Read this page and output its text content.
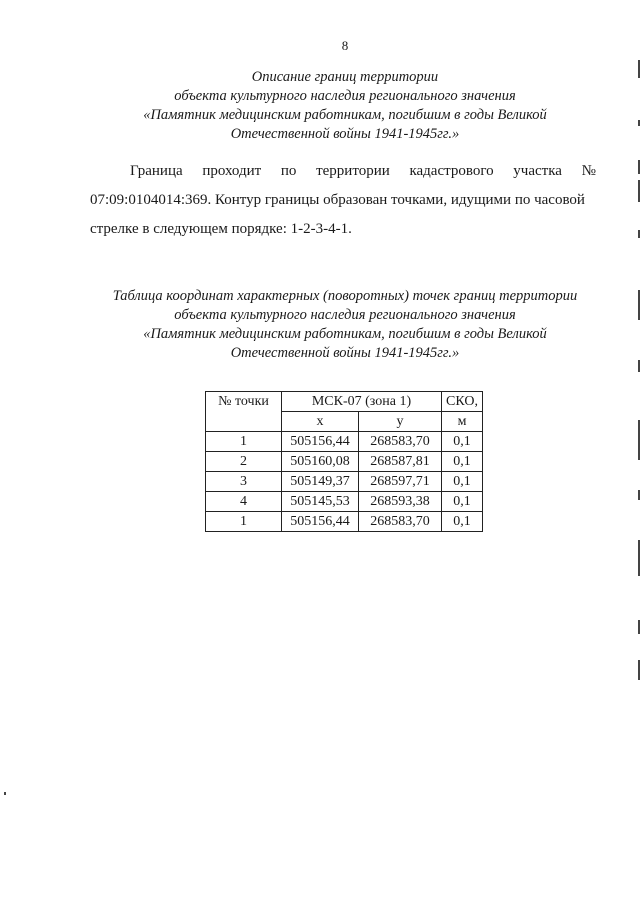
8
Описание границ территории
объекта культурного наследия регионального значения
«Памятник медицинским работникам, погибшим в годы Великой
Отечественной войны 1941-1945гг.»
Граница проходит по территории кадастрового участка №
07:09:0104014:369. Контур границы образован точками, идущими по часовой
стрелке в следующем порядке: 1-2-3-4-1.
Таблица координат характерных (поворотных) точек границ территории
объекта культурного наследия регионального значения
«Памятник медицинским работникам, погибшим в годы Великой
Отечественной войны 1941-1945гг.»
№ точки	МСК-07 (зона 1)		СКО,
	x	y	м
1	505156,44	268583,70	0,1
2	505160,08	268587,81	0,1
3	505149,37	268597,71	0,1
4	505145,53	268593,38	0,1
1	505156,44	268583,70	0,1
